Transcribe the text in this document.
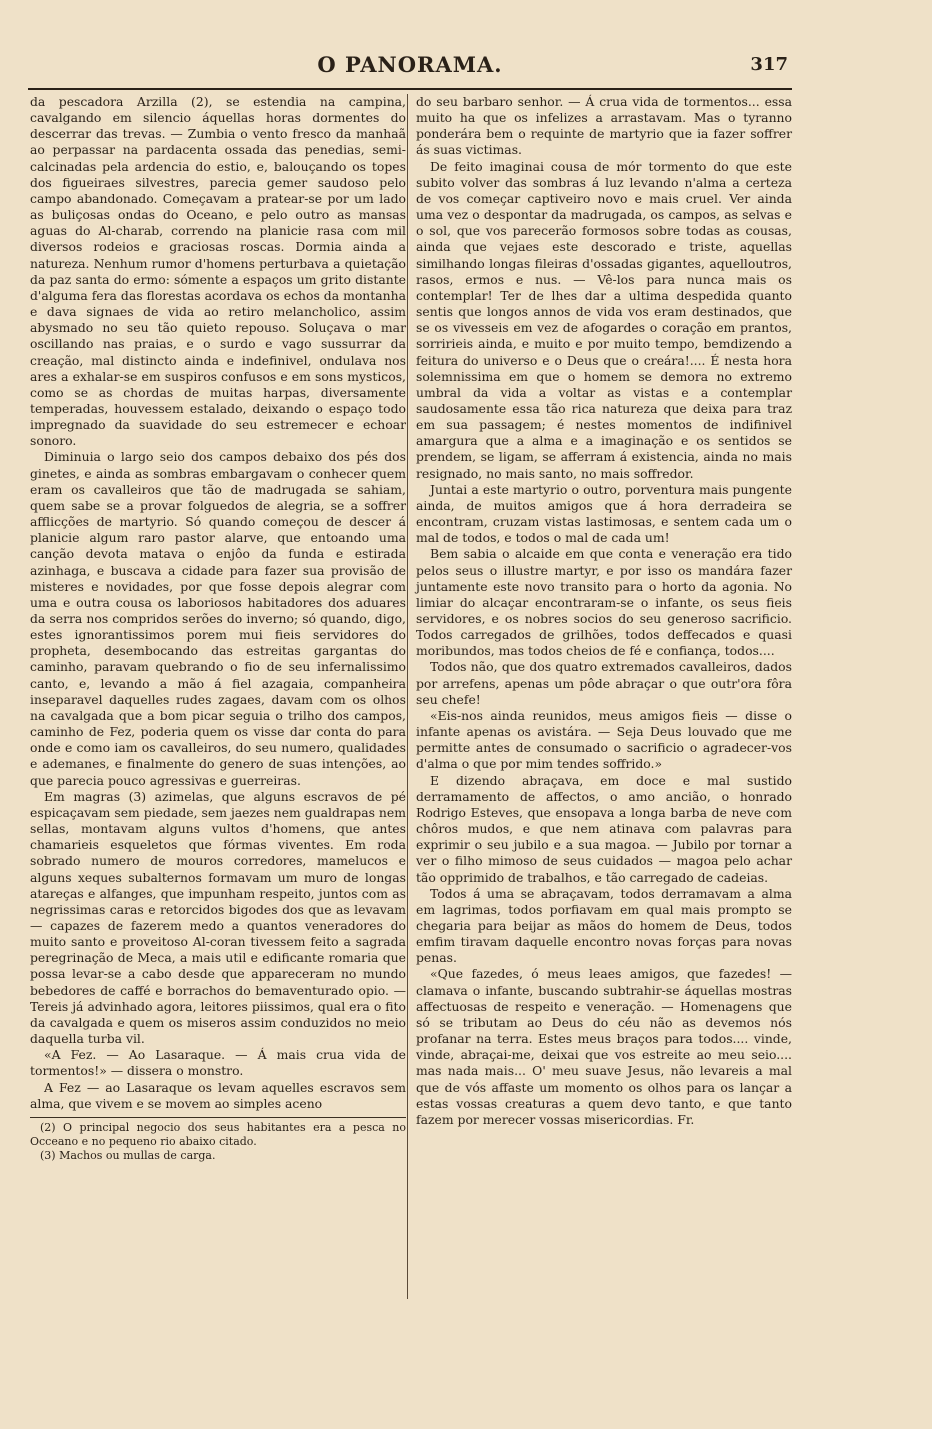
O PANORAMA.	317

da pescadora Arzilla (2), se estendia na campina, cavalgando em silencio áquellas horas dormentes do descerrar das trevas. — Zumbia o vento fresco da manhaã ao perpassar na pardacenta ossada das penedias, semi-calcinadas pela ardencia do estio, e, balouçando os topes dos figueiraes silvestres, parecia gemer saudoso pelo campo abandonado. Começavam a pratear-se por um lado as buliçosas ondas do Oceano, e pelo outro as mansas aguas do Al-charab, correndo na planicie rasa com mil diversos rodeios e graciosas roscas. Dormia ainda a natureza. Nenhum rumor d'homens perturbava a quietação da paz santa do ermo: sómente a espaços um grito distante d'alguma fera das florestas acordava os echos da montanha e dava signaes de vida ao retiro melancholico, assim abysmado no seu tão quieto repouso. Soluçava o mar oscillando nas praias, e o surdo e vago sussurrar da creação, mal distincto ainda e indefinivel, ondulava nos ares a exhalar-se em suspiros confusos e em sons mysticos, como se as chordas de muitas harpas, diversamente temperadas, houvessem estalado, deixando o espaço todo impregnado da suavidade do seu estremecer e echoar sonoro.

Diminuia o largo seio dos campos debaixo dos pés dos ginetes, e ainda as sombras embargavam o conhecer quem eram os cavalleiros que tão de madrugada se sahiam, quem sabe se a provar folguedos de alegria, se a soffrer afflicções de martyrio. Só quando começou de descer á planicie algum raro pastor alarve, que entoando uma canção devota matava o enjôo da funda e estirada azinhaga, e buscava a cidade para fazer sua provisão de misteres e novidades, por que fosse depois alegrar com uma e outra cousa os laboriosos habitadores dos aduares da serra nos compridos serões do inverno; só quando, digo, estes ignorantissimos porem mui fieis servidores do propheta, desembocando das estreitas gargantas do caminho, paravam quebrando o fio de seu infernalissimo canto, e, levando a mão á fiel azagaia, companheira inseparavel daquelles rudes zagaes, davam com os olhos na cavalgada que a bom picar seguia o trilho dos campos, caminho de Fez, poderia quem os visse dar conta do para onde e como iam os cavalleiros, do seu numero, qualidades e ademanes, e finalmente do genero de suas intenções, ao que parecia pouco agressivas e guerreiras.

Em magras (3) azimelas, que alguns escravos de pé espicaçavam sem piedade, sem jaezes nem gualdrapas nem sellas, montavam alguns vultos d'homens, que antes chamarieis esqueletos que fórmas viventes. Em roda sobrado numero de mouros corredores, mamelucos e alguns xeques subalternos formavam um muro de longas atareças e alfanges, que impunham respeito, juntos com as negrissimas caras e retorcidos bigodes dos que as levavam — capazes de fazerem medo a quantos veneradores do muito santo e proveitoso Al-coran tivessem feito a sagrada peregrinação de Meca, a mais util e edificante romaria que possa levar-se a cabo desde que appareceram no mundo bebedores de caffé e borrachos do bemaventurado opio. — Tereis já advinhado agora, leitores piissimos, qual era o fito da cavalgada e quem os miseros assim conduzidos no meio daquella turba vil.

«A Fez. — Ao Lasaraque. — Á mais crua vida de tormentos!» — dissera o monstro.

A Fez — ao Lasaraque os levam aquelles escravos sem alma, que vivem e se movem ao simples aceno

(2) O principal negocio dos seus habitantes era a pesca no Occeano e no pequeno rio abaixo citado.
(3) Machos ou mullas de carga.

do seu barbaro senhor. — Á crua vida de tormentos... essa muito ha que os infelizes a arrastavam. Mas o tyranno ponderára bem o requinte de martyrio que ia fazer soffrer ás suas victimas.

De feito imaginai cousa de mór tormento do que este subito volver das sombras á luz levando n'alma a certeza de vos começar captiveiro novo e mais cruel. Ver ainda uma vez o despontar da madrugada, os campos, as selvas e o sol, que vos parecerão formosos sobre todas as cousas, ainda que vejaes este descorado e triste, aquellas similhando longas fileiras d'ossadas gigantes, aquelloutros, rasos, ermos e nus. — Vê-los para nunca mais os contemplar! Ter de lhes dar a ultima despedida quanto sentis que longos annos de vida vos eram destinados, que se os vivesseis em vez de afogardes o coração em prantos, sorririeis ainda, e muito e por muito tempo, bemdizendo a feitura do universo e o Deus que o creára!.... É nesta hora solemnissima em que o homem se demora no extremo umbral da vida a voltar as vistas e a contemplar saudosamente essa tão rica natureza que deixa para traz em sua passagem; é nestes momentos de indifinivel amargura que a alma e a imaginação e os sentidos se prendem, se ligam, se afferram á existencia, ainda no mais resignado, no mais santo, no mais soffredor.

Juntai a este martyrio o outro, porventura mais pungente ainda, de muitos amigos que á hora derradeira se encontram, cruzam vistas lastimosas, e sentem cada um o mal de todos, e todos o mal de cada um!

Bem sabia o alcaide em que conta e veneração era tido pelos seus o illustre martyr, e por isso os mandára fazer juntamente este novo transito para o horto da agonia. No limiar do alcaçar encontraram-se o infante, os seus fieis servidores, e os nobres socios do seu generoso sacrificio. Todos carregados de grilhões, todos deffecados e quasi moribundos, mas todos cheios de fé e confiança, todos....

Todos não, que dos quatro extremados cavalleiros, dados por arrefens, apenas um pôde abraçar o que outr'ora fôra seu chefe!

«Eis-nos ainda reunidos, meus amigos fieis — disse o infante apenas os avistára. — Seja Deus louvado que me permitte antes de consumado o sacrificio o agradecer-vos d'alma o que por mim tendes soffrido.»

E dizendo abraçava, em doce e mal sustido derramamento de affectos, o amo ancião, o honrado Rodrigo Esteves, que ensopava a longa barba de neve com chôros mudos, e que nem atinava com palavras para exprimir o seu jubilo e a sua magoa. — Jubilo por tornar a ver o filho mimoso de seus cuidados — magoa pelo achar tão opprimido de trabalhos, e tão carregado de cadeias.

Todos á uma se abraçavam, todos derramavam a alma em lagrimas, todos porfiavam em qual mais prompto se chegaria para beijar as mãos do homem de Deus, todos emfim tiravam daquelle encontro novas forças para novas penas.

«Que fazedes, ó meus leaes amigos, que fazedes! — clamava o infante, buscando subtrahir-se áquellas mostras affectuosas de respeito e veneração. — Homenagens que só se tributam ao Deus do céu não as devemos nós profanar na terra. Estes meus braços para todos.... vinde, vinde, abraçai-me, deixai que vos estreite ao meu seio.... mas nada mais... O' meu suave Jesus, não levareis a mal que de vós affaste um momento os olhos para os lançar a estas vossas creaturas a quem devo tanto, e que tanto fazem por merecer vossas misericordias. Fr.
